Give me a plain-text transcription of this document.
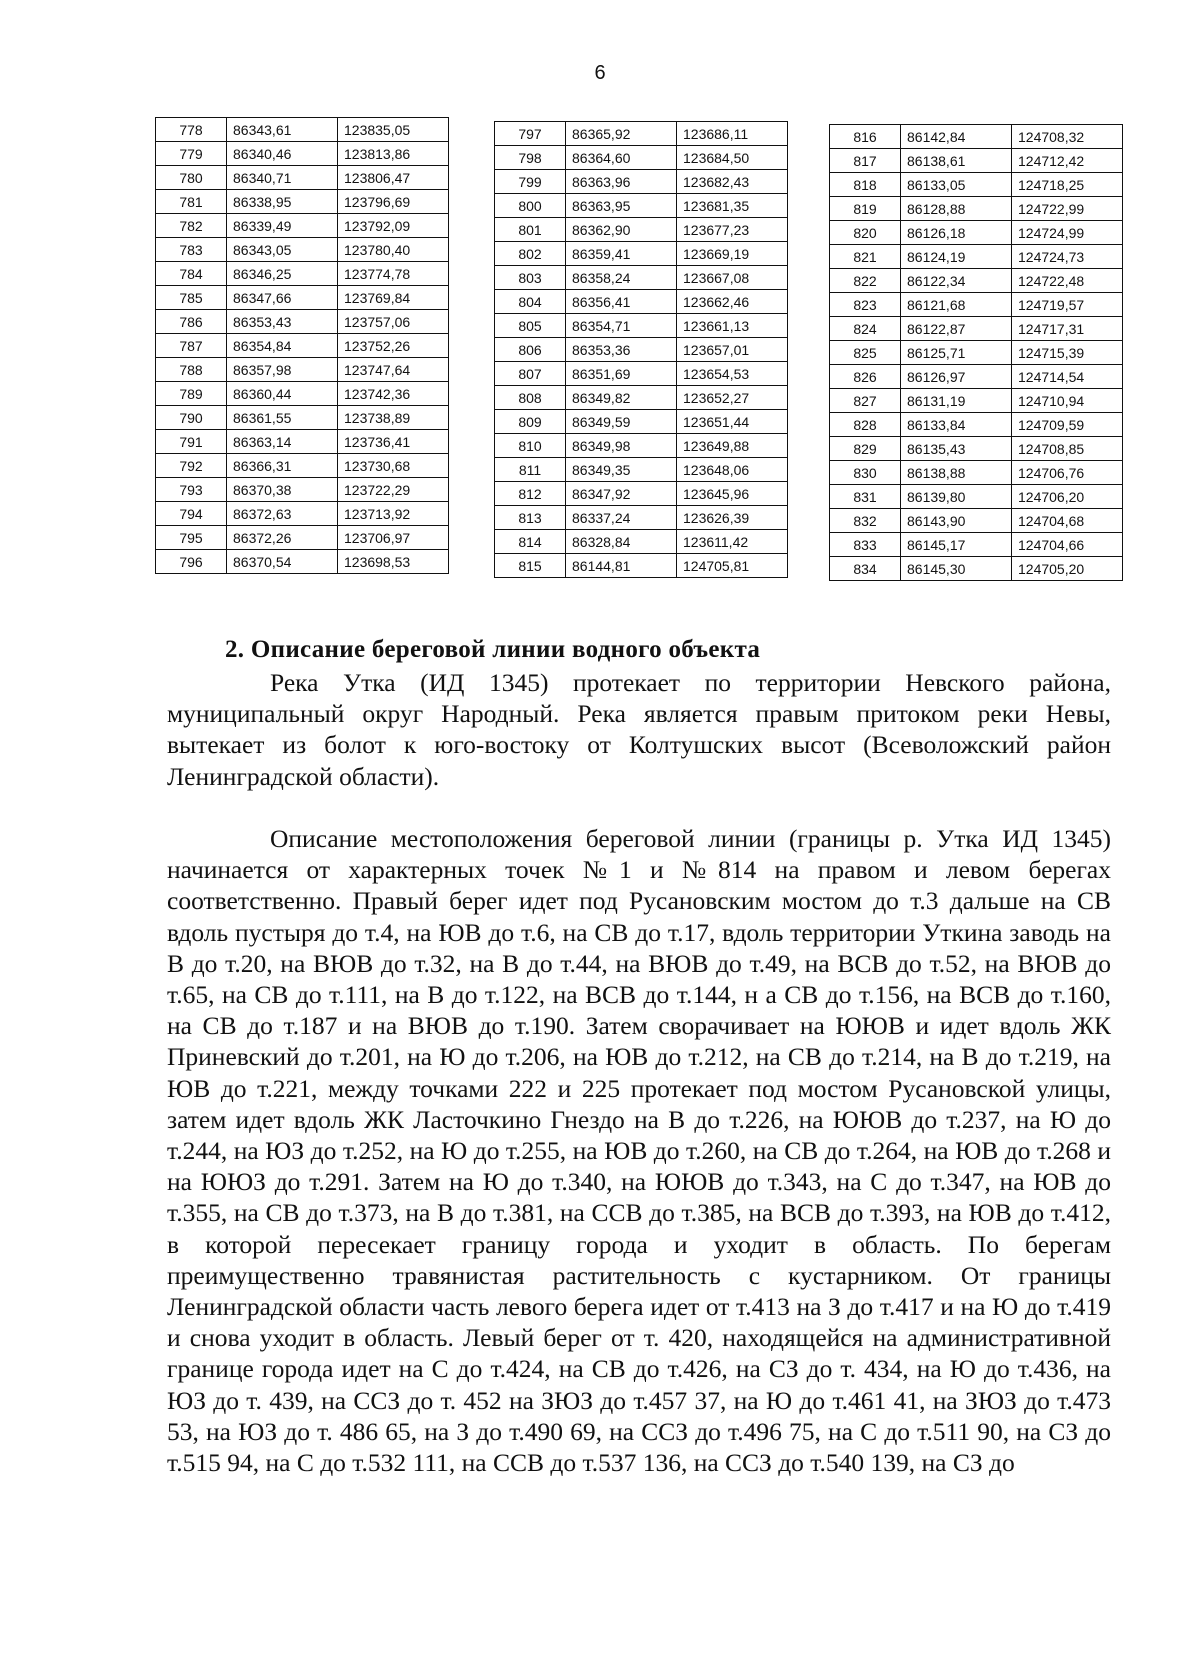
6
778	86343,61	123835,05
779	86340,46	123813,86
780	86340,71	123806,47
781	86338,95	123796,69
782	86339,49	123792,09
783	86343,05	123780,40
784	86346,25	123774,78
785	86347,66	123769,84
786	86353,43	123757,06
787	86354,84	123752,26
788	86357,98	123747,64
789	86360,44	123742,36
790	86361,55	123738,89
791	86363,14	123736,41
792	86366,31	123730,68
793	86370,38	123722,29
794	86372,63	123713,92
795	86372,26	123706,97
796	86370,54	123698,53
797	86365,92	123686,11
798	86364,60	123684,50
799	86363,96	123682,43
800	86363,95	123681,35
801	86362,90	123677,23
802	86359,41	123669,19
803	86358,24	123667,08
804	86356,41	123662,46
805	86354,71	123661,13
806	86353,36	123657,01
807	86351,69	123654,53
808	86349,82	123652,27
809	86349,59	123651,44
810	86349,98	123649,88
811	86349,35	123648,06
812	86347,92	123645,96
813	86337,24	123626,39
814	86328,84	123611,42
815	86144,81	124705,81
816	86142,84	124708,32
817	86138,61	124712,42
818	86133,05	124718,25
819	86128,88	124722,99
820	86126,18	124724,99
821	86124,19	124724,73
822	86122,34	124722,48
823	86121,68	124719,57
824	86122,87	124717,31
825	86125,71	124715,39
826	86126,97	124714,54
827	86131,19	124710,94
828	86133,84	124709,59
829	86135,43	124708,85
830	86138,88	124706,76
831	86139,80	124706,20
832	86143,90	124704,68
833	86145,17	124704,66
834	86145,30	124705,20
2. Описание береговой линии водного объекта
Река Утка (ИД 1345) протекает по территории Невского района, муниципальный округ Народный. Река является правым притоком реки Невы, вытекает из болот к юго-востоку от Колтушских высот (Всеволожский район Ленинградской области).
Описание местоположения береговой линии (границы р. Утка ИД 1345) начинается от характерных точек №1 и №814 на правом и левом берегах соответственно. Правый берег идет под Русановским мостом до т.3 дальше на СВ вдоль пустыря до т.4, на ЮВ до т.6, на СВ до т.17, вдоль территории Уткина заводь на В до т.20, на ВЮВ до т.32, на В до т.44, на ВЮВ до т.49, на ВСВ до т.52, на ВЮВ до т.65, на СВ до т.111, на В до т.122, на ВСВ до т.144, н а СВ до т.156, на ВСВ до т.160, на СВ до т.187 и на ВЮВ до т.190. Затем сворачивает на ЮЮВ и идет вдоль ЖК Приневский до т.201, на Ю до т.206, на ЮВ до т.212, на СВ до т.214, на В до т.219, на ЮВ до т.221, между точками 222 и 225 протекает под мостом Русановской улицы, затем идет вдоль ЖК Ласточкино Гнездо на В до т.226, на ЮЮВ до т.237, на Ю до т.244, на ЮЗ до т.252, на Ю до т.255, на ЮВ до т.260, на СВ до т.264, на ЮВ до т.268 и на ЮЮЗ до т.291. Затем на Ю до т.340, на ЮЮВ до т.343, на С до т.347, на ЮВ до т.355, на СВ до т.373, на В до т.381, на ССВ до т.385, на ВСВ до т.393, на ЮВ до т.412, в которой пересекает границу города и уходит в область. По берегам преимущественно травянистая растительность с кустарником. От границы Ленинградской области часть левого берега идет от т.413 на З до т.417 и на Ю до т.419 и снова уходит в область. Левый берег от т. 420, находящейся на административной границе города идет на С до т.424, на СВ до т.426, на СЗ до т. 434, на Ю до т.436, на ЮЗ до т. 439, на ССЗ до т. 452 на ЗЮЗ до т.457 37, на Ю до т.461 41, на ЗЮЗ до т.473 53, на ЮЗ до т. 486 65, на З до т.490 69, на ССЗ до т.496 75, на С до т.511 90, на СЗ до т.515 94, на С до т.532 111, на ССВ до т.537 136, на ССЗ до т.540 139, на СЗ до
